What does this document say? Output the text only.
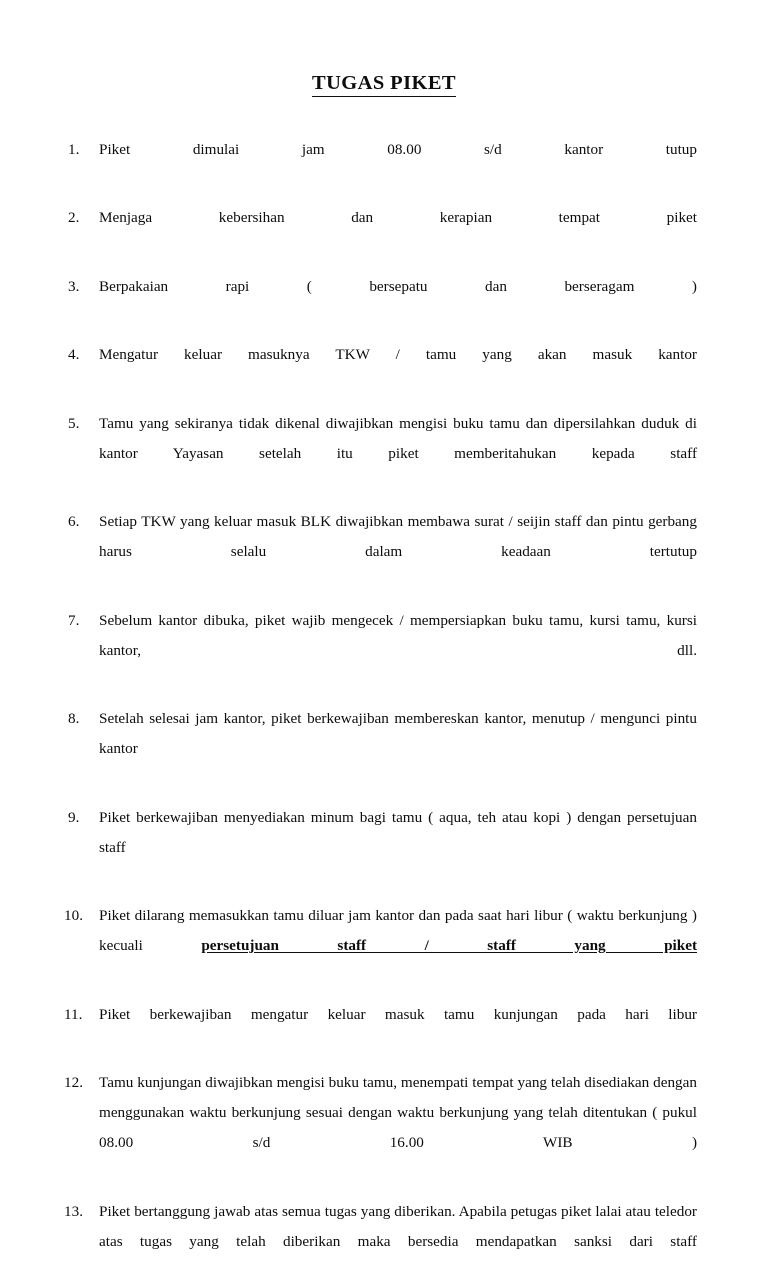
TUGAS PIKET
1.	Piket dimulai jam 08.00 s/d kantor tutup
2.	Menjaga kebersihan dan kerapian tempat piket
3.	Berpakaian rapi ( bersepatu dan berseragam )
4.	Mengatur keluar masuknya TKW / tamu yang akan masuk kantor
5.	Tamu yang sekiranya tidak dikenal diwajibkan mengisi buku tamu dan dipersilahkan duduk di kantor Yayasan setelah itu piket memberitahukan kepada staff
6.	Setiap TKW yang keluar masuk BLK diwajibkan membawa surat / seijin staff dan pintu gerbang harus selalu dalam keadaan tertutup
7.	Sebelum kantor dibuka, piket wajib mengecek / mempersiapkan buku tamu, kursi tamu, kursi kantor, dll.
8.	Setelah selesai jam kantor, piket berkewajiban membereskan kantor, menutup / mengunci pintu kantor
9.	Piket berkewajiban menyediakan minum bagi tamu ( aqua, teh atau kopi ) dengan persetujuan staff
10.	Piket dilarang memasukkan tamu diluar jam kantor dan pada saat hari libur ( waktu berkunjung ) kecuali persetujuan staff / staff yang piket
11.	Piket berkewajiban mengatur keluar masuk tamu kunjungan pada hari libur
12.	Tamu kunjungan diwajibkan mengisi buku tamu, menempati tempat yang telah disediakan dengan menggunakan waktu berkunjung sesuai dengan waktu berkunjung yang telah ditentukan ( pukul 08.00 s/d 16.00 WIB )
13.	Piket bertanggung jawab atas semua tugas yang diberikan. Apabila petugas piket lalai atau teledor atas tugas yang telah diberikan maka bersedia mendapatkan sanksi dari staff
